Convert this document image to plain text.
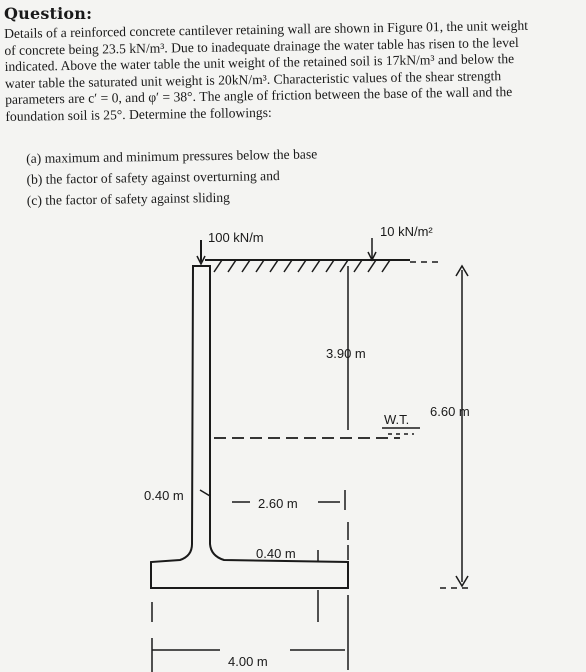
Question:
Details of a reinforced concrete cantilever retaining wall are shown in Figure 01, the unit weight
of concrete being 23.5 kN/m³. Due to inadequate drainage the water table has risen to the level
indicated. Above the water table the unit weight of the retained soil is 17kN/m³ and below the
water table the saturated unit weight is 20kN/m³. Characteristic values of the shear strength
parameters are c′ = 0, and φ′ = 38°. The angle of friction between the base of the wall and the
foundation soil is 25°. Determine the followings:
(a) maximum and minimum pressures below the base
(b) the factor of safety against overturning and
(c) the factor of safety against sliding
100 kN/m	10 kN/m²
3.90 m
W.T.
6.60 m
0.40 m
2.60 m
0.40 m
4.00 m
